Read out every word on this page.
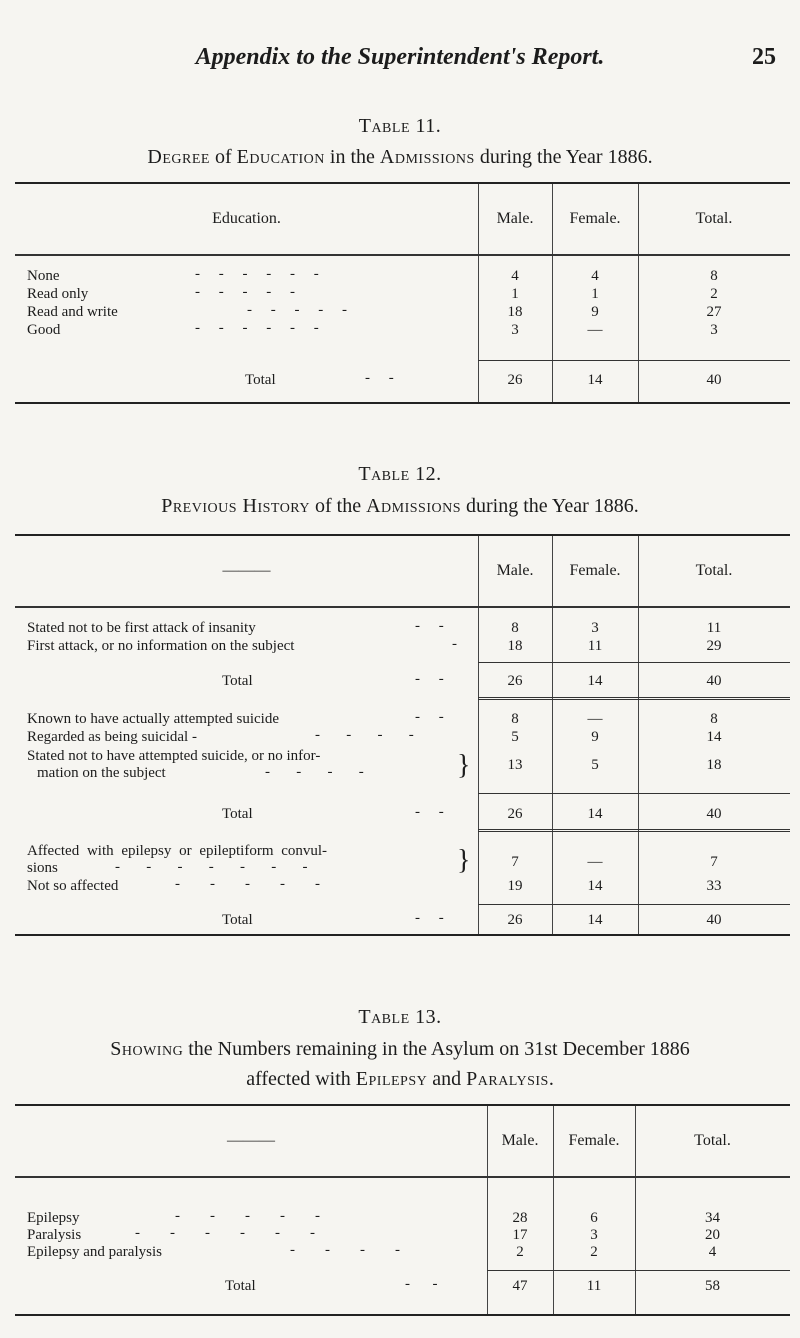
Appendix to the Superintendent's Report.	25
Table 11.
Degree of Education in the Admissions during the Year 1886.
Education.	Male.	Female.	Total.
None	-     -     -     -     -     -	4	4	8
Read only	-     -     -     -     -	1	1	2
Read and write	-     -     -     -     -	18	9	27
Good	-     -     -     -     -     -	3	—	3
Total	-     -	26	14	40
Table 12.
Previous History of the Admissions during the Year 1886.
———	Male.	Female.	Total.
Stated not to be first attack of insanity	-     -	8	3	11
First attack, or no information on the subject	-	18	11	29
Total	-     -	26	14	40
Known to have actually attempted suicide	-     -	8	—	8
Regarded as being suicidal -	-       -       -       -	5	9	14
Stated not to have attempted suicide, or no infor-
mation on the subject	-       -       -       -	}	13	5	18
Total	-     -	26	14	40
Affected with epilepsy or epileptiform convul-
sions	-       -       -       -       -       -       -	}	7	—	7
Not so affected	-        -        -        -        -	19	14	33
Total	-     -	26	14	40
Table 13.
Showing the Numbers remaining in the Asylum on 31st December 1886
affected with Epilepsy and Paralysis.
———	Male.	Female.	Total.
Epilepsy	-        -        -        -        -	28	6	34
Paralysis	-        -        -        -        -        -	17	3	20
Epilepsy and paralysis	-        -        -        -	2	2	4
Total	-      -	47	11	58
